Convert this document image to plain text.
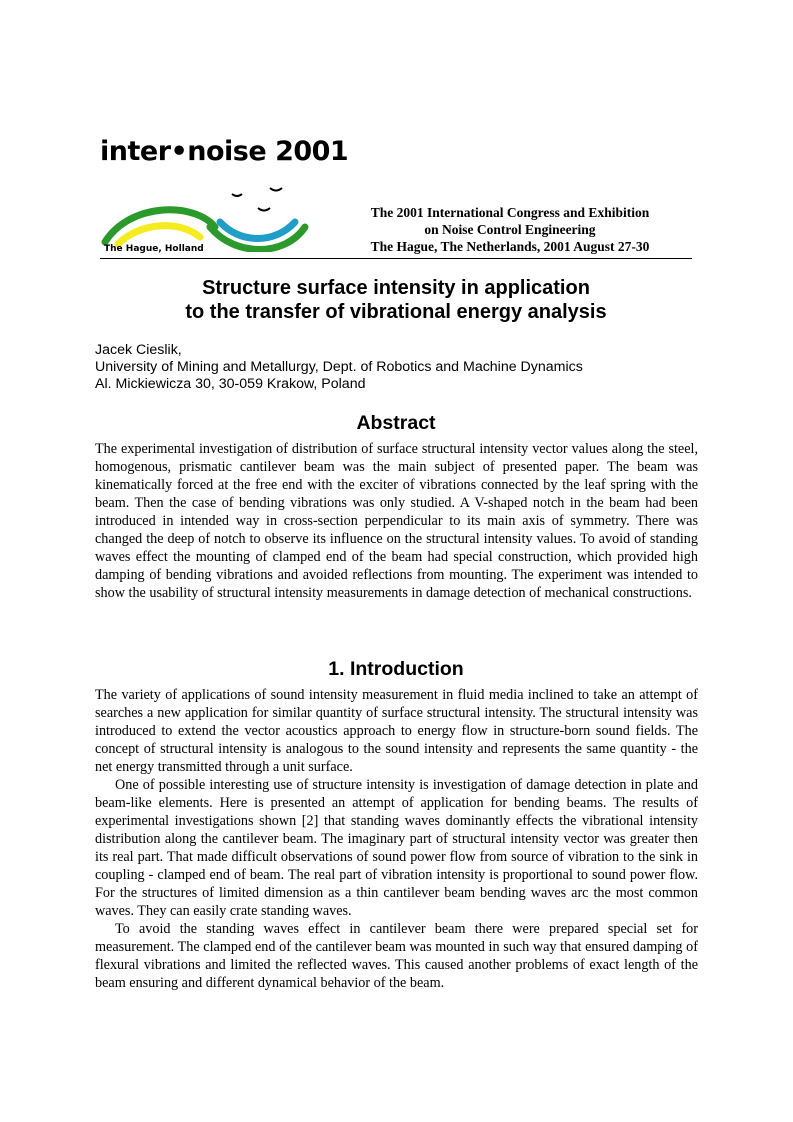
inter•noise 2001
The Hague, Holland
The 2001 International Congress and Exhibition
on Noise Control Engineering
The Hague, The Netherlands, 2001 August 27-30
Structure surface intensity in application
to the transfer of vibrational energy analysis
Jacek Cieslik,
University of Mining and Metallurgy, Dept. of Robotics and Machine Dynamics
Al. Mickiewicza 30, 30-059 Krakow, Poland
Abstract

The experimental investigation of distribution of surface structural intensity vector values along the steel, homogenous, prismatic cantilever beam was the main subject of presented paper. The beam was kinematically forced at the free end with the exciter of vibrations connected by the leaf spring with the beam. Then the case of bending vibrations was only studied. A V-shaped notch in the beam had been introduced in intended way in cross-section perpendicular to its main axis of symmetry. There was changed the deep of notch to observe its influence on the structural intensity values. To avoid of standing waves effect the mounting of clamped end of the beam had special construction, which provided high damping of bending vibrations and avoided reflections from mounting. The experiment was intended to show the usability of structural intensity measurements in damage detection of mechanical constructions.

1. Introduction

The variety of applications of sound intensity measurement in fluid media inclined to take an attempt of searches a new application for similar quantity of surface structural intensity. The structural intensity was introduced to extend the vector acoustics approach to energy flow in structure-born sound fields. The concept of structural intensity is analogous to the sound intensity and represents the same quantity - the net energy transmitted through a unit surface.

One of possible interesting use of structure intensity is investigation of damage detection in plate and beam-like elements. Here is presented an attempt of application for bending beams. The results of experimental investigations shown [2] that standing waves dominantly effects the vibrational intensity distribution along the cantilever beam. The imaginary part of structural intensity vector was greater then its real part. That made difficult observations of sound power flow from source of vibration to the sink in coupling - clamped end of beam. The real part of vibration intensity is proportional to sound power flow. For the structures of limited dimension as a thin cantilever beam bending waves arc the most common waves. They can easily crate standing waves.

To avoid the standing waves effect in cantilever beam there were prepared special set for measurement. The clamped end of the cantilever beam was mounted in such way that ensured damping of flexural vibrations and limited the reflected waves. This caused another problems of exact length of the beam ensuring and different dynamical behavior of the beam.
